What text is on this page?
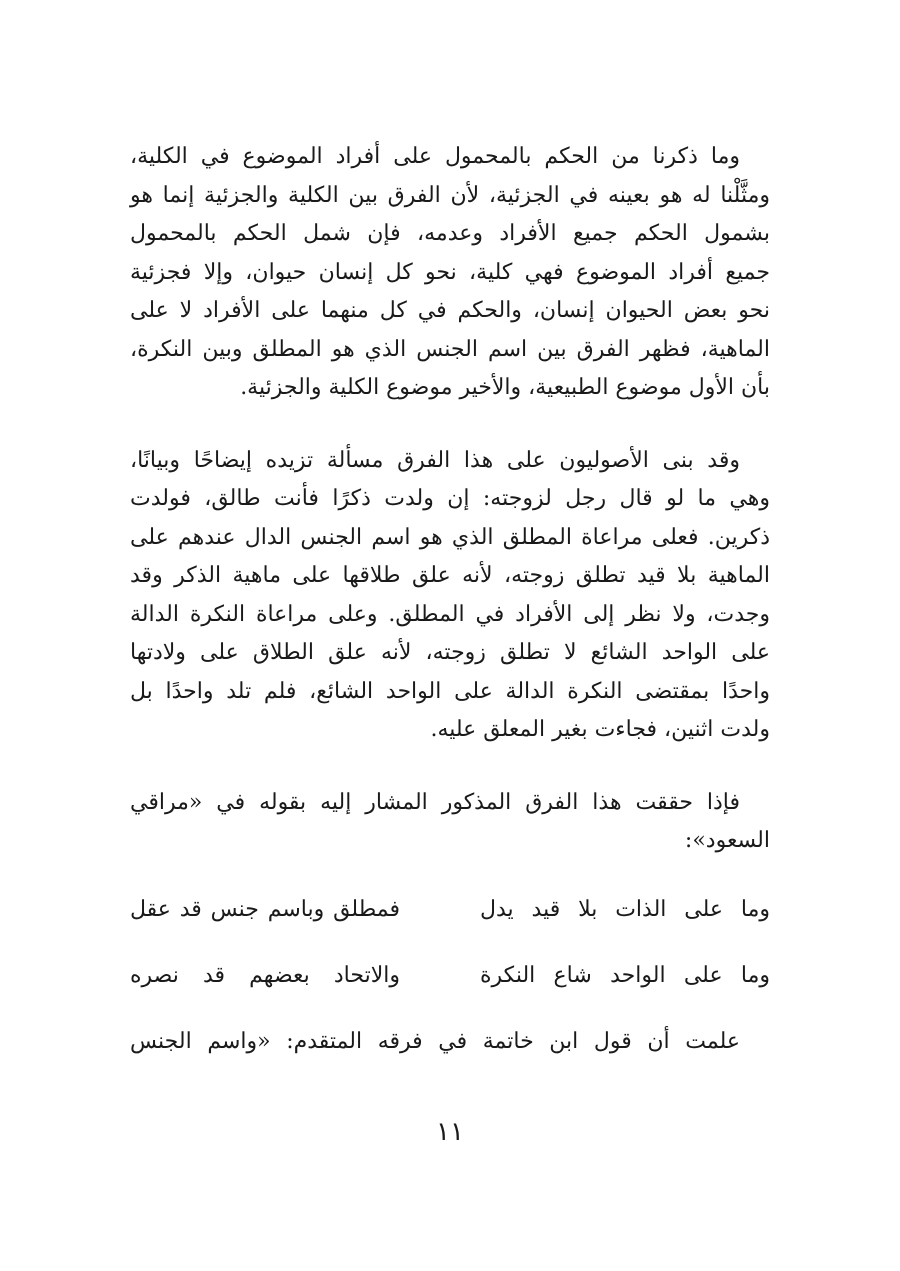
وما ذكرنا من الحكم بالمحمول على أفراد الموضوع في الكلية،
ومثَّلْنا له هو بعينه في الجزئية، لأن الفرق بين الكلية والجزئية إنما هو
بشمول الحكم جميع الأفراد وعدمه، فإن شمل الحكم بالمحمول
جميع أفراد الموضوع فهي كلية، نحو كل إنسان حيوان، وإلا فجزئية
نحو بعض الحيوان إنسان، والحكم في كل منهما على الأفراد لا على
الماهية، فظهر الفرق بين اسم الجنس الذي هو المطلق وبين النكرة،
بأن الأول موضوع الطبيعية، والأخير موضوع الكلية والجزئية.

وقد بنى الأصوليون على هذا الفرق مسألة تزيده إيضاحًا وبيانًا،
وهي ما لو قال رجل لزوجته: إن ولدت ذكرًا فأنت طالق، فولدت
ذكرين. فعلى مراعاة المطلق الذي هو اسم الجنس الدال عندهم على
الماهية بلا قيد تطلق زوجته، لأنه علق طلاقها على ماهية الذكر وقد
وجدت، ولا نظر إلى الأفراد في المطلق. وعلى مراعاة النكرة الدالة
على الواحد الشائع لا تطلق زوجته، لأنه علق الطلاق على ولادتها
واحدًا بمقتضى النكرة الدالة على الواحد الشائع، فلم تلد واحدًا بل
ولدت اثنين، فجاءت بغير المعلق عليه.

فإذا حققت هذا الفرق المذكور المشار إليه بقوله في «مراقي
السعود»:

وما على الذات بلا قيد يدل
فمطلق وباسم جنس قد عقل
وما على الواحد شاع النكرة
والاتحاد بعضهم قد نصره

علمت أن قول ابن خاتمة في فرقه المتقدم: «واسم الجنس

١١
